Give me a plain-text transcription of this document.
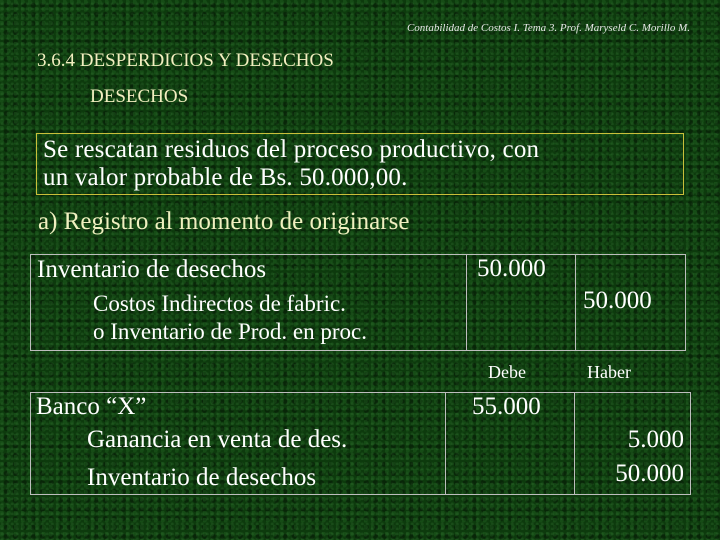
Contabilidad de Costos I. Tema 3. Prof. Maryseld C. Morillo M.
3.6.4 DESPERDICIOS Y DESECHOS
DESECHOS
Se rescatan residuos del proceso productivo, con
un valor probable de Bs. 50.000,00.
a) Registro al momento de originarse
Inventario de desechos
Costos Indirectos de fabric.
o Inventario de Prod. en proc.
50.000
50.000
Debe	Haber
Banco “X”
Ganancia en venta de des.
Inventario de desechos
55.000
5.000
50.000
